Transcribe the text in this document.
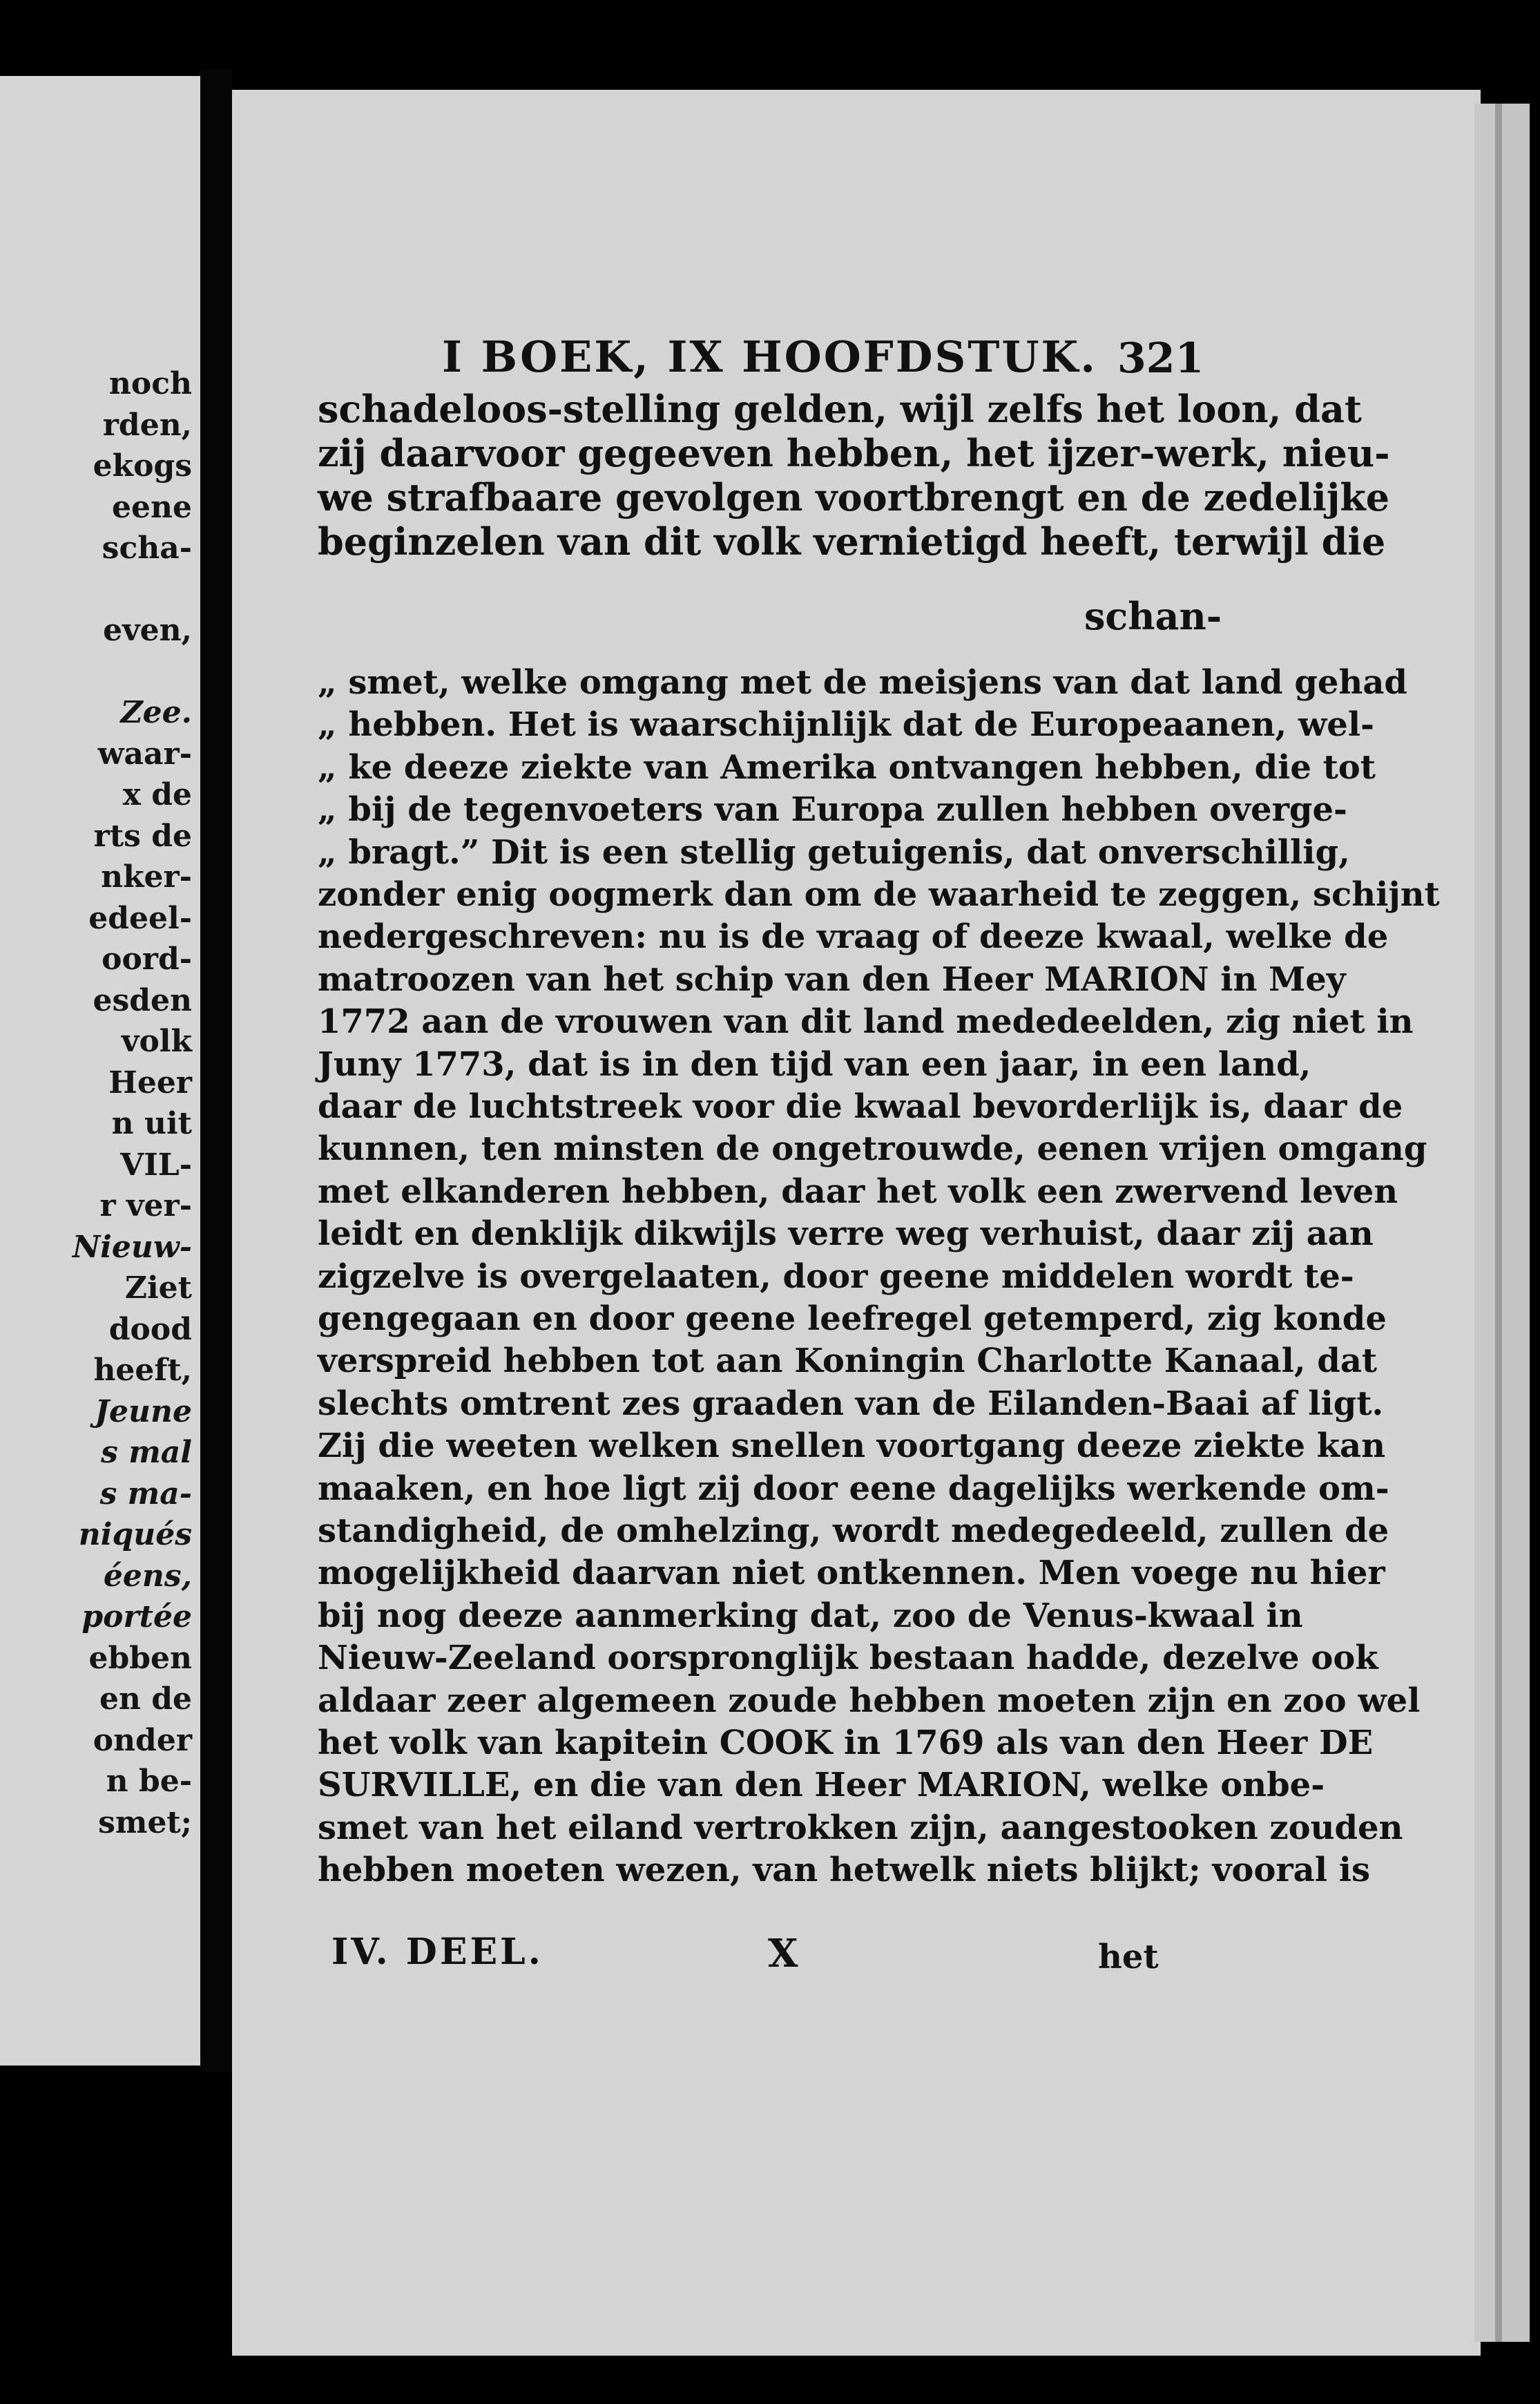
noch
rden,
ekogs
eene
scha-
even,
Zee.
waar-
x de
rts de
nker-
edeel-
oord-
esden
volk
Heer
n uit
VIL-
r ver-
Nieuw-
Ziet
dood
heeft,
Jeune
s mal
s ma-
niqués
éens,
portée
ebben
en de
onder
n be-
smet;
I BOEK, IX HOOFDSTUK. 321
schadeloos-stelling gelden, wijl zelfs het loon, dat
zij daarvoor gegeeven hebben, het ijzer-werk, nieu-
we strafbaare gevolgen voortbrengt en de zedelijke
beginzelen van dit volk vernietigd heeft, terwijl die
schan-
„ smet, welke omgang met de meisjens van dat land gehad
„ hebben. Het is waarschijnlijk dat de Europeaanen, wel-
„ ke deeze ziekte van Amerika ontvangen hebben, die tot
„ bij de tegenvoeters van Europa zullen hebben overge-
„ bragt.” Dit is een stellig getuigenis, dat onverschillig,
zonder enig oogmerk dan om de waarheid te zeggen, schijnt
nedergeschreven: nu is de vraag of deeze kwaal, welke de
matroozen van het schip van den Heer MARION in Mey
1772 aan de vrouwen van dit land mededeelden, zig niet in
Juny 1773, dat is in den tijd van een jaar, in een land,
daar de luchtstreek voor die kwaal bevorderlijk is, daar de
kunnen, ten minsten de ongetrouwde, eenen vrijen omgang
met elkanderen hebben, daar het volk een zwervend leven
leidt en denklijk dikwijls verre weg verhuist, daar zij aan
zigzelve is overgelaaten, door geene middelen wordt te-
gengegaan en door geene leefregel getemperd, zig konde
verspreid hebben tot aan Koningin Charlotte Kanaal, dat
slechts omtrent zes graaden van de Eilanden-Baai af ligt.
Zij die weeten welken snellen voortgang deeze ziekte kan
maaken, en hoe ligt zij door eene dagelijks werkende om-
standigheid, de omhelzing, wordt medegedeeld, zullen de
mogelijkheid daarvan niet ontkennen. Men voege nu hier
bij nog deeze aanmerking dat, zoo de Venus-kwaal in
Nieuw-Zeeland oorspronglijk bestaan hadde, dezelve ook
aldaar zeer algemeen zoude hebben moeten zijn en zoo wel
het volk van kapitein COOK in 1769 als van den Heer DE
SURVILLE, en die van den Heer MARION, welke onbe-
smet van het eiland vertrokken zijn, aangestooken zouden
hebben moeten wezen, van hetwelk niets blijkt; vooral is
IV. DEEL.	X	het
